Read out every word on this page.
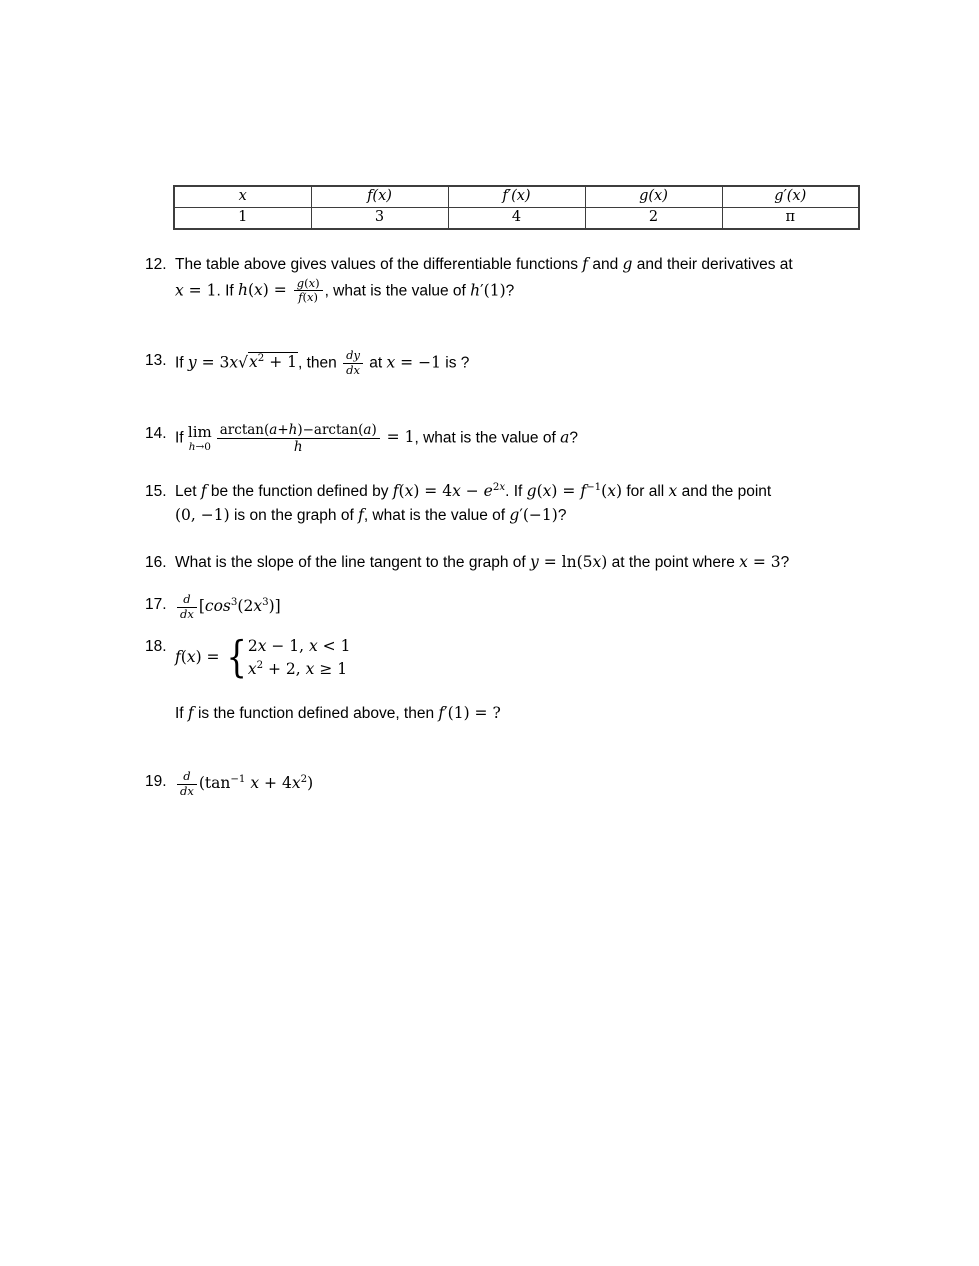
x	f(x)	f′(x)	g(x)	g′(x)
1	3	4	2	π
12. The table above gives values of the differentiable functions f and g and their derivatives at
x = 1. If $h(x) = \frac{g(x)}{f(x)}$ , what is the value of h′(1)?
13. If $y = 3x√x^2 + 1$, then $\frac{dy}{dx}$ at x = −1 is ?
14. If lim
$h\to 0 \frac{\arctan(a+h)-\arctan(a)}{h} = 1$, what is the value of a?
15. Let f be the function defined by $f(x) = 4x - e^{2x}$. If $g(x) = f^{-1}(x)$ for all x and the point
(0, −1) is on the graph of f, what is the value of g′(−1)?
16. What is the slope of the line tangent to the graph of y = ln(5x) at the point where x = 3?
17. $\frac{d}{dx} [\cos^3(2x^3)]$
18.
f(x) = { 2x − 1, x < 1
$x^2 + 2$, x ≥ 1
If f is the function defined above, then f′(1) = ?
19. $\frac{d}{dx} (\tan^{-1}$ $x + 4x^2$)
